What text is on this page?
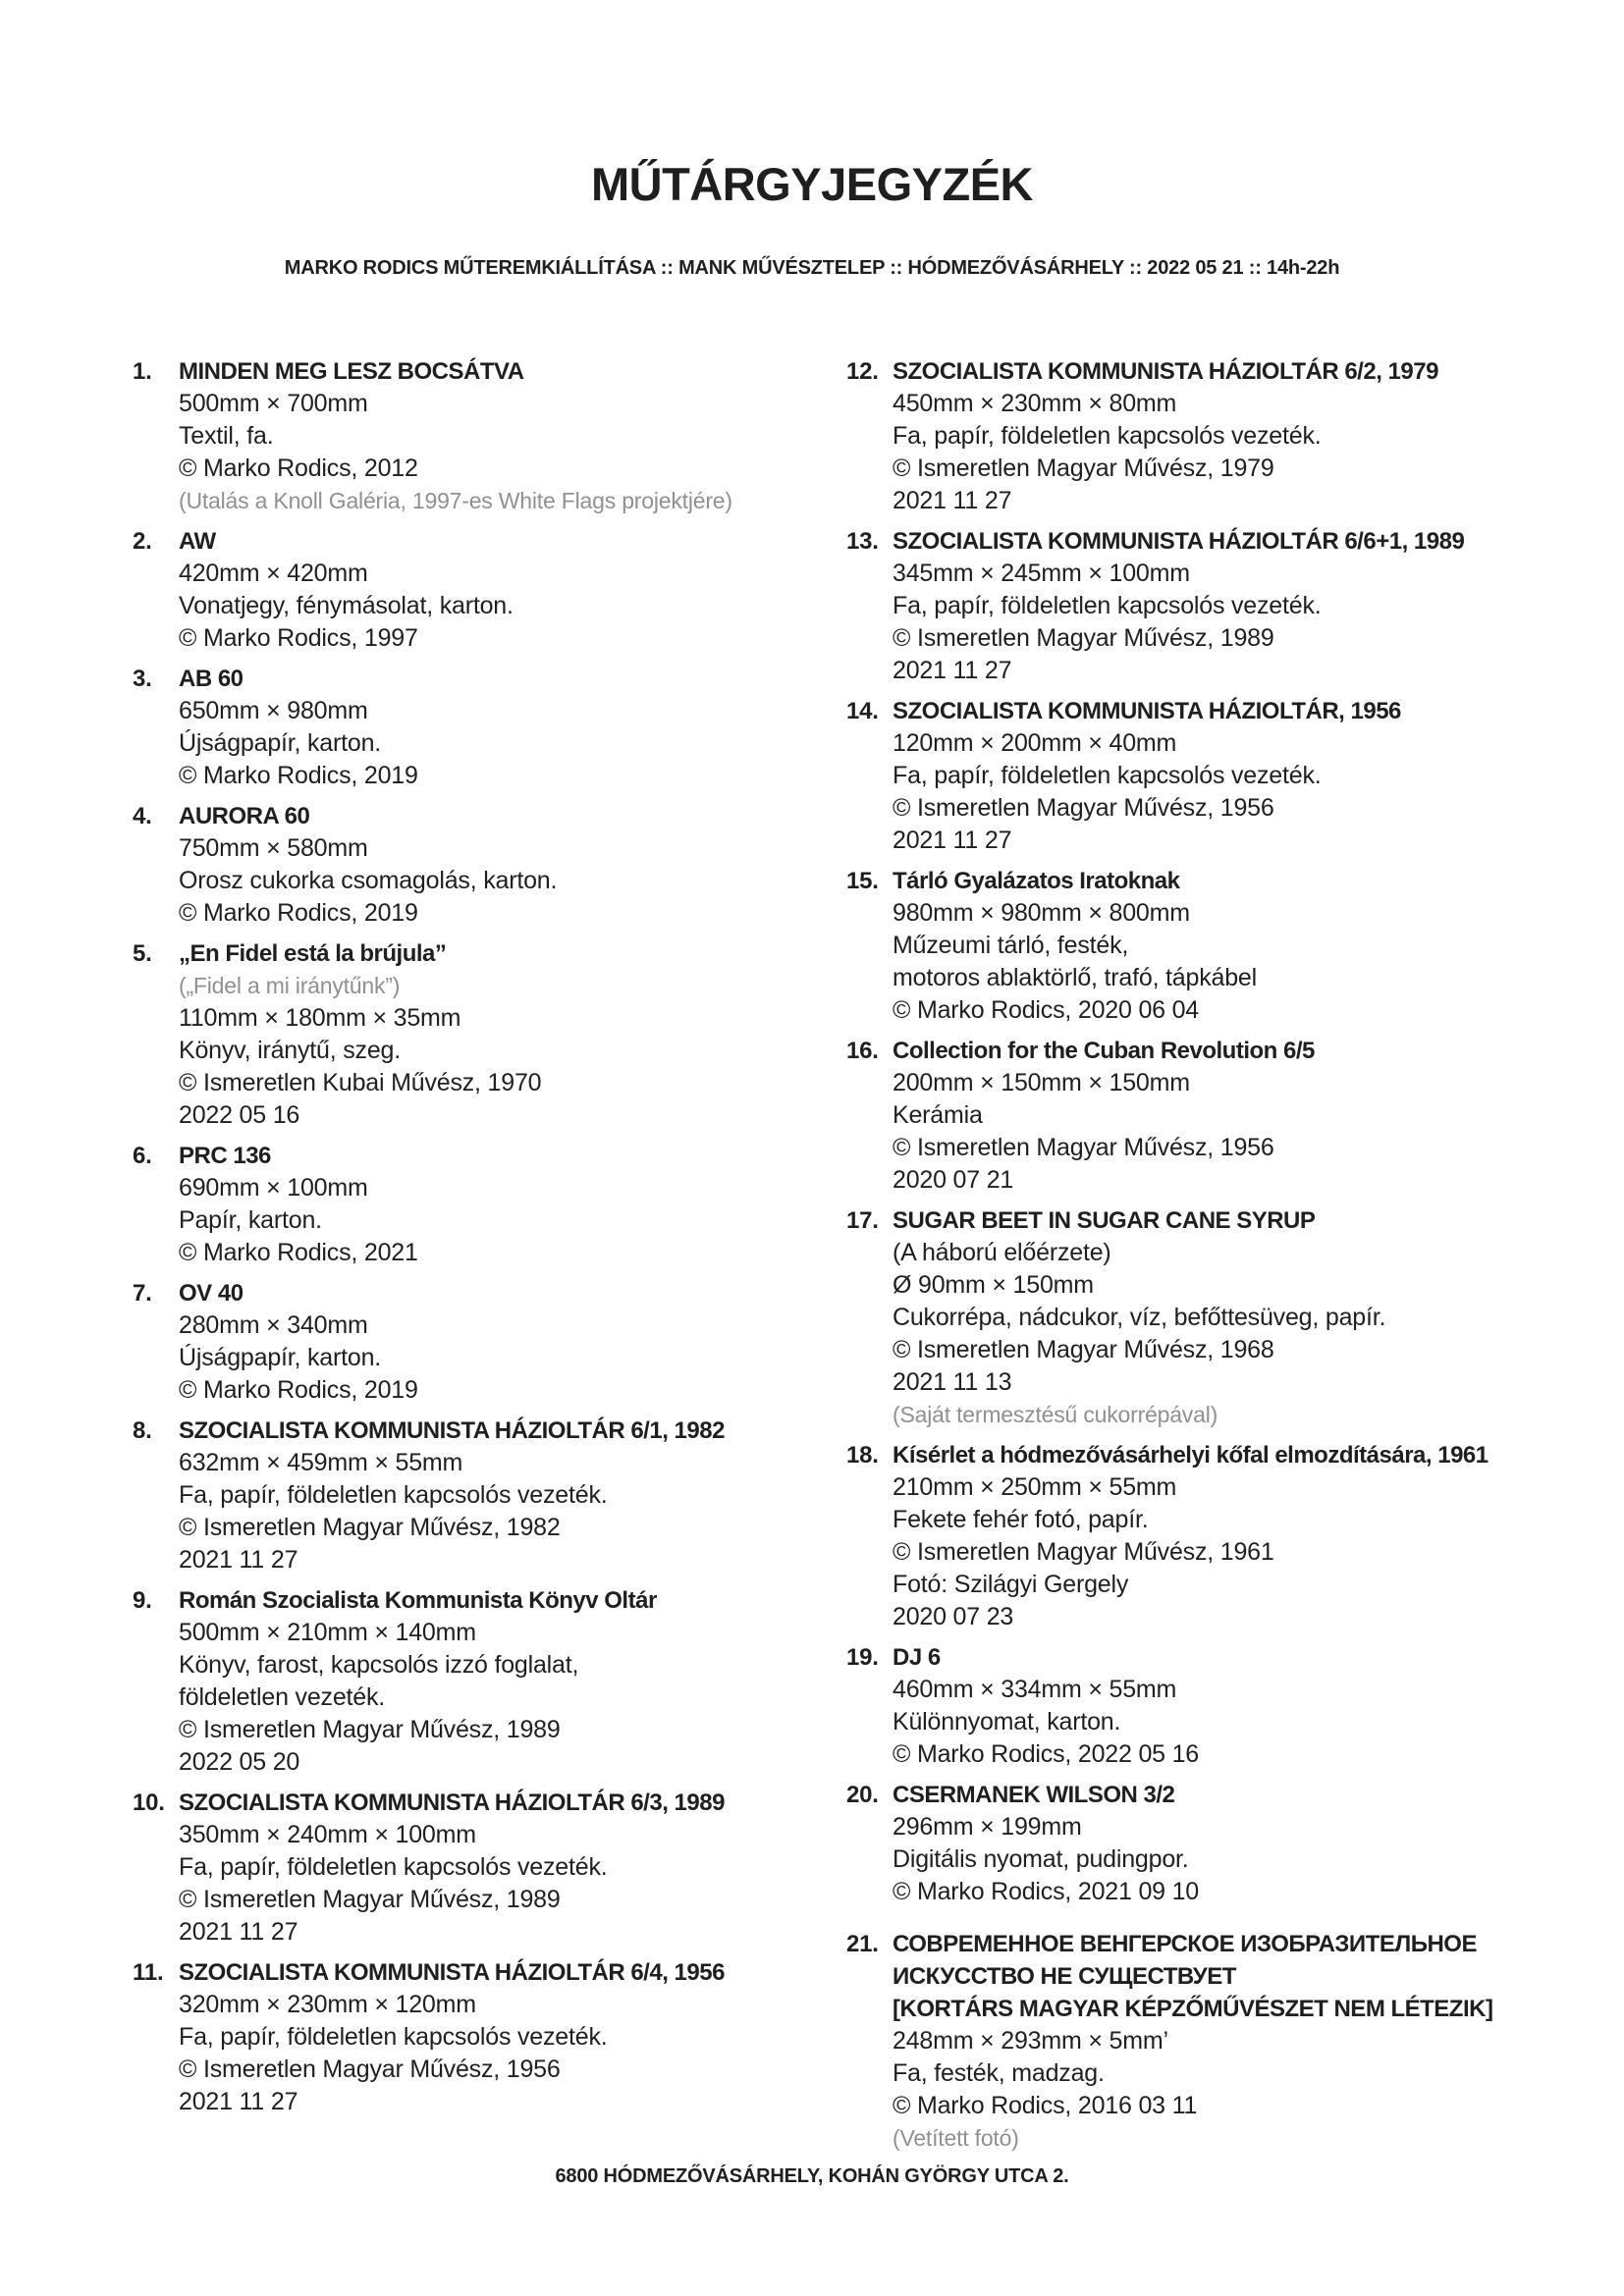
MŰTÁRGYJEGYZÉK
MARKO RODICS MŰTEREMKIÁLLÍTÁSA :: MANK MŰVÉSZTELEP :: HÓDMEZŐVÁSÁRHELY :: 2022 05 21 :: 14h-22h
1.	MINDEN MEG LESZ BOCSÁTVA
500mm × 700mm
Textil, fa.
© Marko Rodics, 2012
(Utalás a Knoll Galéria, 1997-es White Flags projektjére)
2.	AW
420mm × 420mm
Vonatjegy, fénymásolat, karton.
© Marko Rodics, 1997
3.	AB 60
650mm × 980mm
Újságpapír, karton.
© Marko Rodics, 2019
4.	AURORA 60
750mm × 580mm
Orosz cukorka csomagolás, karton.
© Marko Rodics, 2019
5.	„En Fidel está la brújula”
(„Fidel a mi iránytűnk”)
110mm × 180mm × 35mm
Könyv, iránytű, szeg.
© Ismeretlen Kubai Művész, 1970
2022 05 16
6.	PRC 136
690mm × 100mm
Papír, karton.
© Marko Rodics, 2021
7.	OV 40
280mm × 340mm
Újságpapír, karton.
© Marko Rodics, 2019
8.	SZOCIALISTA KOMMUNISTA HÁZIOLTÁR 6/1, 1982
632mm × 459mm × 55mm
Fa, papír, földeletlen kapcsolós vezeték.
© Ismeretlen Magyar Művész, 1982
2021 11 27
9.	Román Szocialista Kommunista Könyv Oltár
500mm × 210mm × 140mm
Könyv, farost, kapcsolós izzó foglalat,
földeletlen vezeték.
© Ismeretlen Magyar Művész, 1989
2022 05 20
10. SZOCIALISTA KOMMUNISTA HÁZIOLTÁR 6/3, 1989
350mm × 240mm × 100mm
Fa, papír, földeletlen kapcsolós vezeték.
© Ismeretlen Magyar Művész, 1989
2021 11 27
11. SZOCIALISTA KOMMUNISTA HÁZIOLTÁR 6/4, 1956
320mm × 230mm × 120mm
Fa, papír, földeletlen kapcsolós vezeték.
© Ismeretlen Magyar Művész, 1956
2021 11 27
12. SZOCIALISTA KOMMUNISTA HÁZIOLTÁR 6/2, 1979
450mm × 230mm × 80mm
Fa, papír, földeletlen kapcsolós vezeték.
© Ismeretlen Magyar Művész, 1979
2021 11 27
13. SZOCIALISTA KOMMUNISTA HÁZIOLTÁR 6/6+1, 1989
345mm × 245mm × 100mm
Fa, papír, földeletlen kapcsolós vezeték.
© Ismeretlen Magyar Művész, 1989
2021 11 27
14. SZOCIALISTA KOMMUNISTA HÁZIOLTÁR, 1956
120mm × 200mm × 40mm
Fa, papír, földeletlen kapcsolós vezeték.
© Ismeretlen Magyar Művész, 1956
2021 11 27
15. Tárló Gyalázatos Iratoknak
980mm × 980mm × 800mm
Műzeumi tárló, festék,
motoros ablaktörlő, trafó, tápkábel
© Marko Rodics, 2020 06 04
16. Collection for the Cuban Revolution 6/5
200mm × 150mm × 150mm
Kerámia
© Ismeretlen Magyar Művész, 1956
2020 07 21
17. SUGAR BEET IN SUGAR CANE SYRUP
(A háború előérzete)
Ø 90mm × 150mm
Cukorrépa, nádcukor, víz, befőttesüveg, papír.
© Ismeretlen Magyar Művész, 1968
2021 11 13
(Saját termesztésű cukorrépával)
18. Kísérlet a hódmezővásárhelyi kőfal elmozdítására, 1961
210mm × 250mm × 55mm
Fekete fehér fotó, papír.
© Ismeretlen Magyar Művész, 1961
Fotó: Szilágyi Gergely
2020 07 23
19. DJ 6
460mm × 334mm × 55mm
Különnyomat, karton.
© Marko Rodics, 2022 05 16
20. CSERMANEK WILSON 3/2
296mm × 199mm
Digitális nyomat, pudingpor.
© Marko Rodics, 2021 09 10
21. СОВРЕМЕННОЕ ВЕНГЕРСКОЕ ИЗОБРАЗИТЕЛЬНОЕ
ИСКУССТВО НЕ СУЩЕСТВУЕТ
[KORTÁRS MAGYAR KÉPZŐMŰVÉSZET NEM LÉTEZIK]
248mm × 293mm × 5mm’
Fa, festék, madzag.
© Marko Rodics, 2016 03 11
(Vetített fotó)
6800 HÓDMEZŐVÁSÁRHELY, KOHÁN GYÖRGY UTCA 2.
